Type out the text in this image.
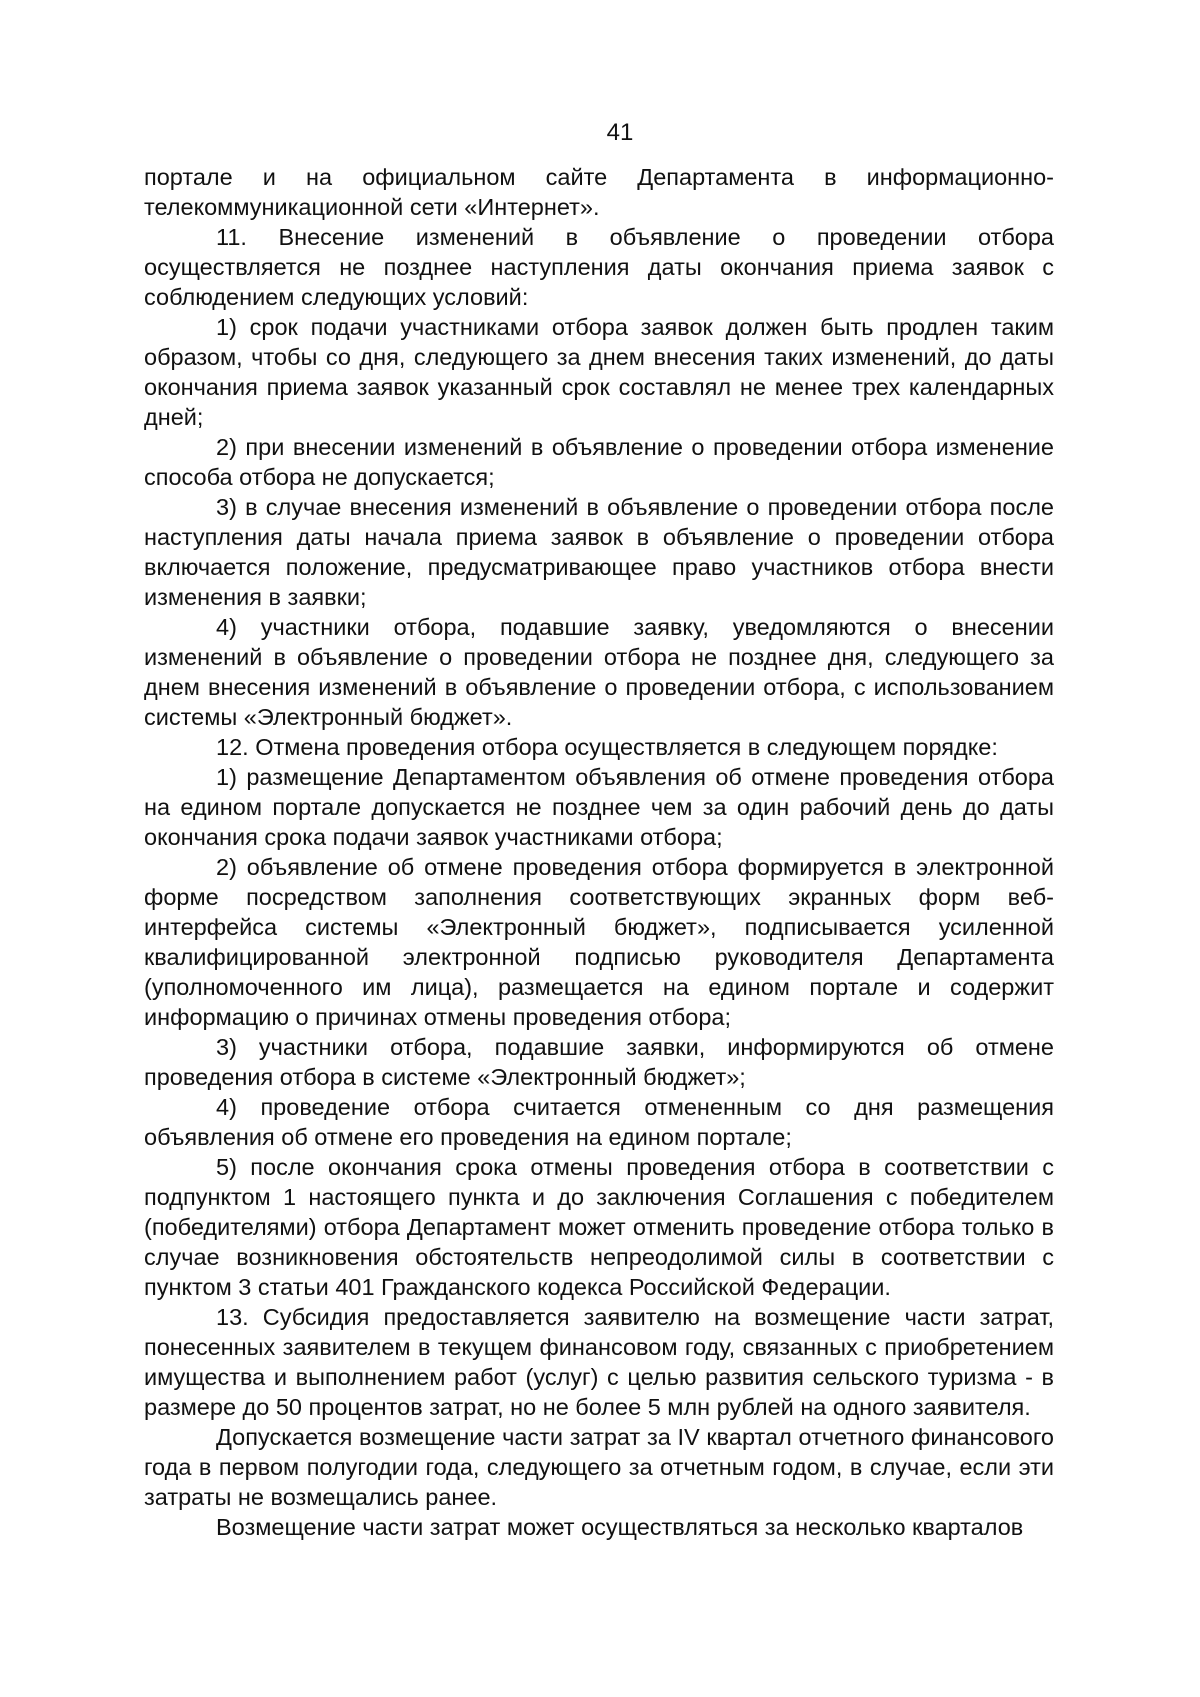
41

портале и на официальном сайте Департамента в информационно-телекоммуникационной сети «Интернет».

11. Внесение изменений в объявление о проведении отбора осуществляется не позднее наступления даты окончания приема заявок с соблюдением следующих условий:

1) срок подачи участниками отбора заявок должен быть продлен таким образом, чтобы со дня, следующего за днем внесения таких изменений, до даты окончания приема заявок указанный срок составлял не менее трех календарных дней;

2) при внесении изменений в объявление о проведении отбора изменение способа отбора не допускается;

3) в случае внесения изменений в объявление о проведении отбора после наступления даты начала приема заявок в объявление о проведении отбора включается положение, предусматривающее право участников отбора внести изменения в заявки;

4) участники отбора, подавшие заявку, уведомляются о внесении изменений в объявление о проведении отбора не позднее дня, следующего за днем внесения изменений в объявление о проведении отбора, с использованием системы «Электронный бюджет».

12. Отмена проведения отбора осуществляется в следующем порядке:

1) размещение Департаментом объявления об отмене проведения отбора на едином портале допускается не позднее чем за один рабочий день до даты окончания срока подачи заявок участниками отбора;

2) объявление об отмене проведения отбора формируется в электронной форме посредством заполнения соответствующих экранных форм веб-интерфейса системы «Электронный бюджет», подписывается усиленной квалифицированной электронной подписью руководителя Департамента (уполномоченного им лица), размещается на едином портале и содержит информацию о причинах отмены проведения отбора;

3) участники отбора, подавшие заявки, информируются об отмене проведения отбора в системе «Электронный бюджет»;

4) проведение отбора считается отмененным со дня размещения объявления об отмене его проведения на едином портале;

5) после окончания срока отмены проведения отбора в соответствии с подпунктом 1 настоящего пункта и до заключения Соглашения с победителем (победителями) отбора Департамент может отменить проведение отбора только в случае возникновения обстоятельств непреодолимой силы в соответствии с пунктом 3 статьи 401 Гражданского кодекса Российской Федерации.

13. Субсидия предоставляется заявителю на возмещение части затрат, понесенных заявителем в текущем финансовом году, связанных с приобретением имущества и выполнением работ (услуг) с целью развития сельского туризма - в размере до 50 процентов затрат, но не более 5 млн рублей на одного заявителя.

Допускается возмещение части затрат за IV квартал отчетного финансового года в первом полугодии года, следующего за отчетным годом, в случае, если эти затраты не возмещались ранее.

Возмещение части затрат может осуществляться за несколько кварталов
